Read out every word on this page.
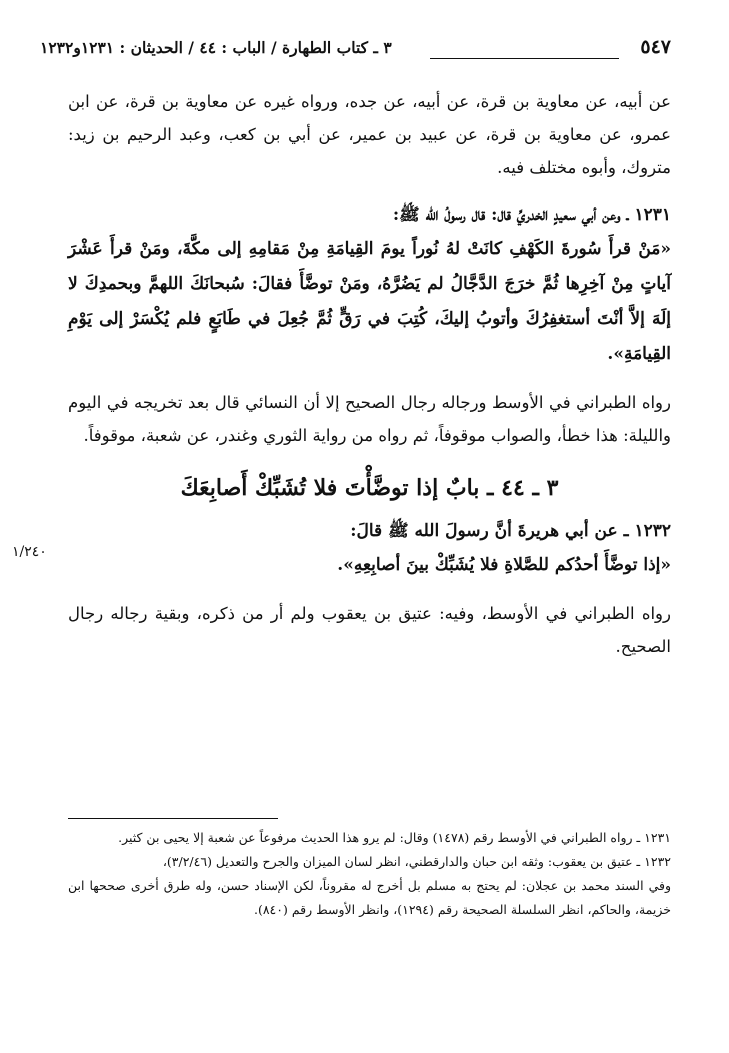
٥٤٧
٣ ـ كتاب الطهارة / الباب : ٤٤ / الحديثان : ١٢٣١و١٢٣٢
١/٢٤٠

عن أبيه، عن معاوية بن قرة، عن أبيه، عن جده، ورواه غيره عن معاوية بن قرة، عن ابن عمرو، عن معاوية بن قرة، عن عبيد بن عمير، عن أبي بن كعب، وعبد الرحيم بن زيد: متروك، وأبوه مختلف فيه.

١٢٣١ ـ وعن أبي سعيدٍ الخدريِّ قال: قال رسولُ الله ﷺ:

«مَنْ قرأَ سُورةَ الكَهْفِ كانَتْ لهُ نُوراً يومَ القِيامَةِ مِنْ مَقامِهِ إلى مكَّةَ، ومَنْ قرأَ عَشْرَ آياتٍ مِنْ آخِرِها ثُمَّ خرَجَ الدَّجَّالُ لم يَضُرَّهُ، ومَنْ توضَّأَ فقالَ: سُبحانَكَ اللهمَّ وبحمدِكَ لا إلَهَ إلاَّ أنْتَ أستغفِرُكَ وأتوبُ إليكَ، كُتِبَ في رَقٍّ ثُمَّ جُعِلَ في طَابَعٍ فلم يُكْسَرْ إلى يَوْمِ القِيامَةِ».

رواه الطبراني في الأوسط ورجاله رجال الصحيح إلا أن النسائي قال بعد تخريجه في اليوم والليلة: هذا خطأ، والصواب موقوفاً، ثم رواه من رواية الثوري وغندر، عن شعبة، موقوفاً.

٣ ـ ٤٤ ـ بابٌ إذا توضَّأْتَ فلا تُشَبِّكْ أَصابِعَكَ

١٢٣٢ ـ عن أبي هريرةَ أنَّ رسولَ الله ﷺ قالَ:

«إذا توضَّأَ أحدُكم للصَّلاةِ فلا يُشَبِّكْ بينَ أصابِعِهِ».

رواه الطبراني في الأوسط، وفيه: عتيق بن يعقوب ولم أر من ذكره، وبقية رجاله رجال الصحيح.

١٢٣١ ـ رواه الطبراني في الأوسط رقم (١٤٧٨) وقال: لم يرو هذا الحديث مرفوعاً عن شعبة إلا يحيى بن كثير.

١٢٣٢ ـ عتيق بن يعقوب: وثقه ابن حبان والدارقطني، انظر لسان الميزان والجرح والتعديل (٣/٢/٤٦)،

وفي السند محمد بن عجلان: لم يحتج به مسلم بل أخرج له مقروناً، لكن الإسناد حسن، وله طرق أخرى صححها ابن خزيمة، والحاكم، انظر السلسلة الصحيحة رقم (١٢٩٤)، وانظر الأوسط رقم (٨٤٠).
